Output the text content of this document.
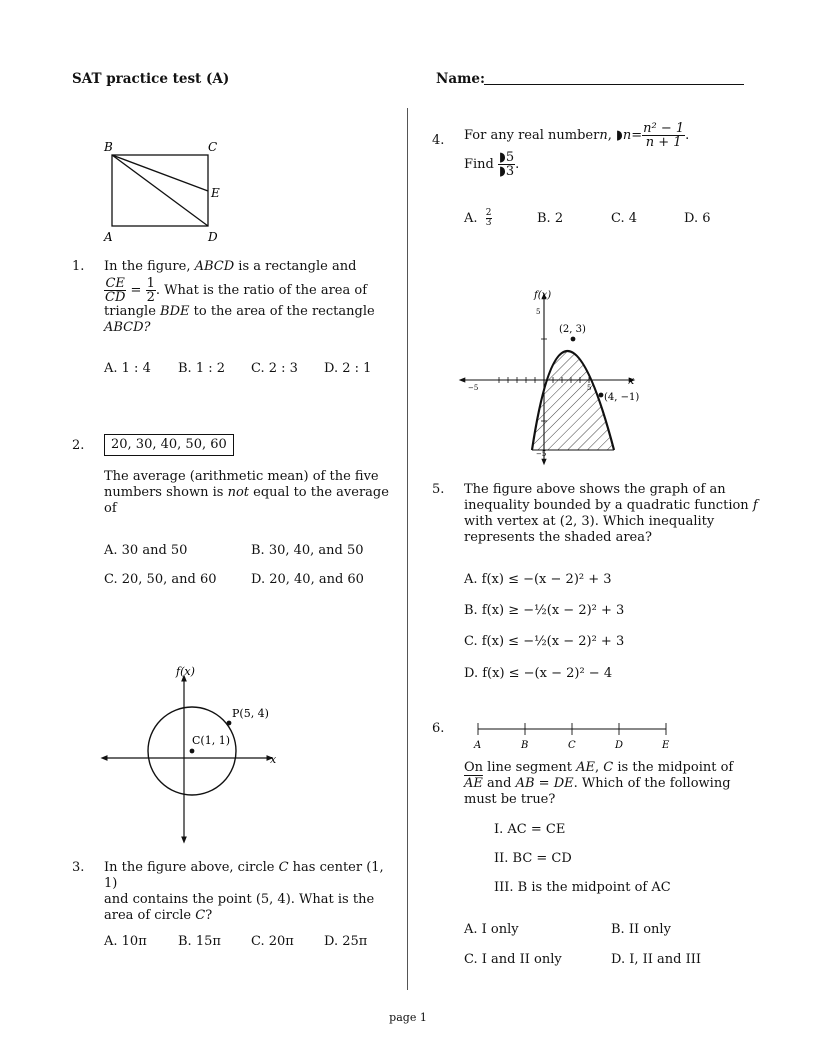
SAT practice test (A)	Name:
B	C
E
A	D
1. In the figure, ABCD is a rectangle and
$\frac{CE}{CD} = \frac{1}{2}$ . What is the ratio of the area of
triangle BDE to the area of the rectangle
ABCD?
A. 1 : 4 B. 1 : 2 C. 2 : 3 D. 2 : 1
2.	20, 30, 40, 50, 60
The average (arithmetic mean) of the five
numbers shown is not equal to the average
of
A. 30 and 50	B. 30, 40, and 50
C. 20, 50, and 60	D. 20, 40, and 60
f(x)
x
P(5, 4)
C(1, 1)
3. In the figure above, circle C has center (1, 1)
and contains the point (5, 4). What is the
area of circle C?
A. 10π B. 15π C. 20π D. 25π
4. For any real number n , ◗ $n = \frac{\text{n² − 1}}{n + 1}$ .
Find
$\frac{◗5}{◗3}$ .
A. $\frac{2}{3}$	B. 2	C. 4	D. 6
f(x)
x
(2, 3)
(4, −1)
5
5
−5
−5
5. The figure above shows the graph of an
inequality bounded by a quadratic function f
with vertex at (2, 3). Which inequality
represents the shaded area?
A. f(x) ≤ −(x − 2)² + 3
B. f(x) ≥ −½(x − 2)² + 3
C. f(x) ≤ −½(x − 2)² + 3
D. f(x) ≤ −(x − 2)² − 4
6.
A	B	C	D	E
On line segment AE, C is the midpoint of
$\overline{AE}$ and AB = DE. Which of the following
must be true?
I. AC = CE
II. BC = CD
III. B is the midpoint of AC
A. I only	B. II only
C. I and II only	D. I, II and III
page 1
